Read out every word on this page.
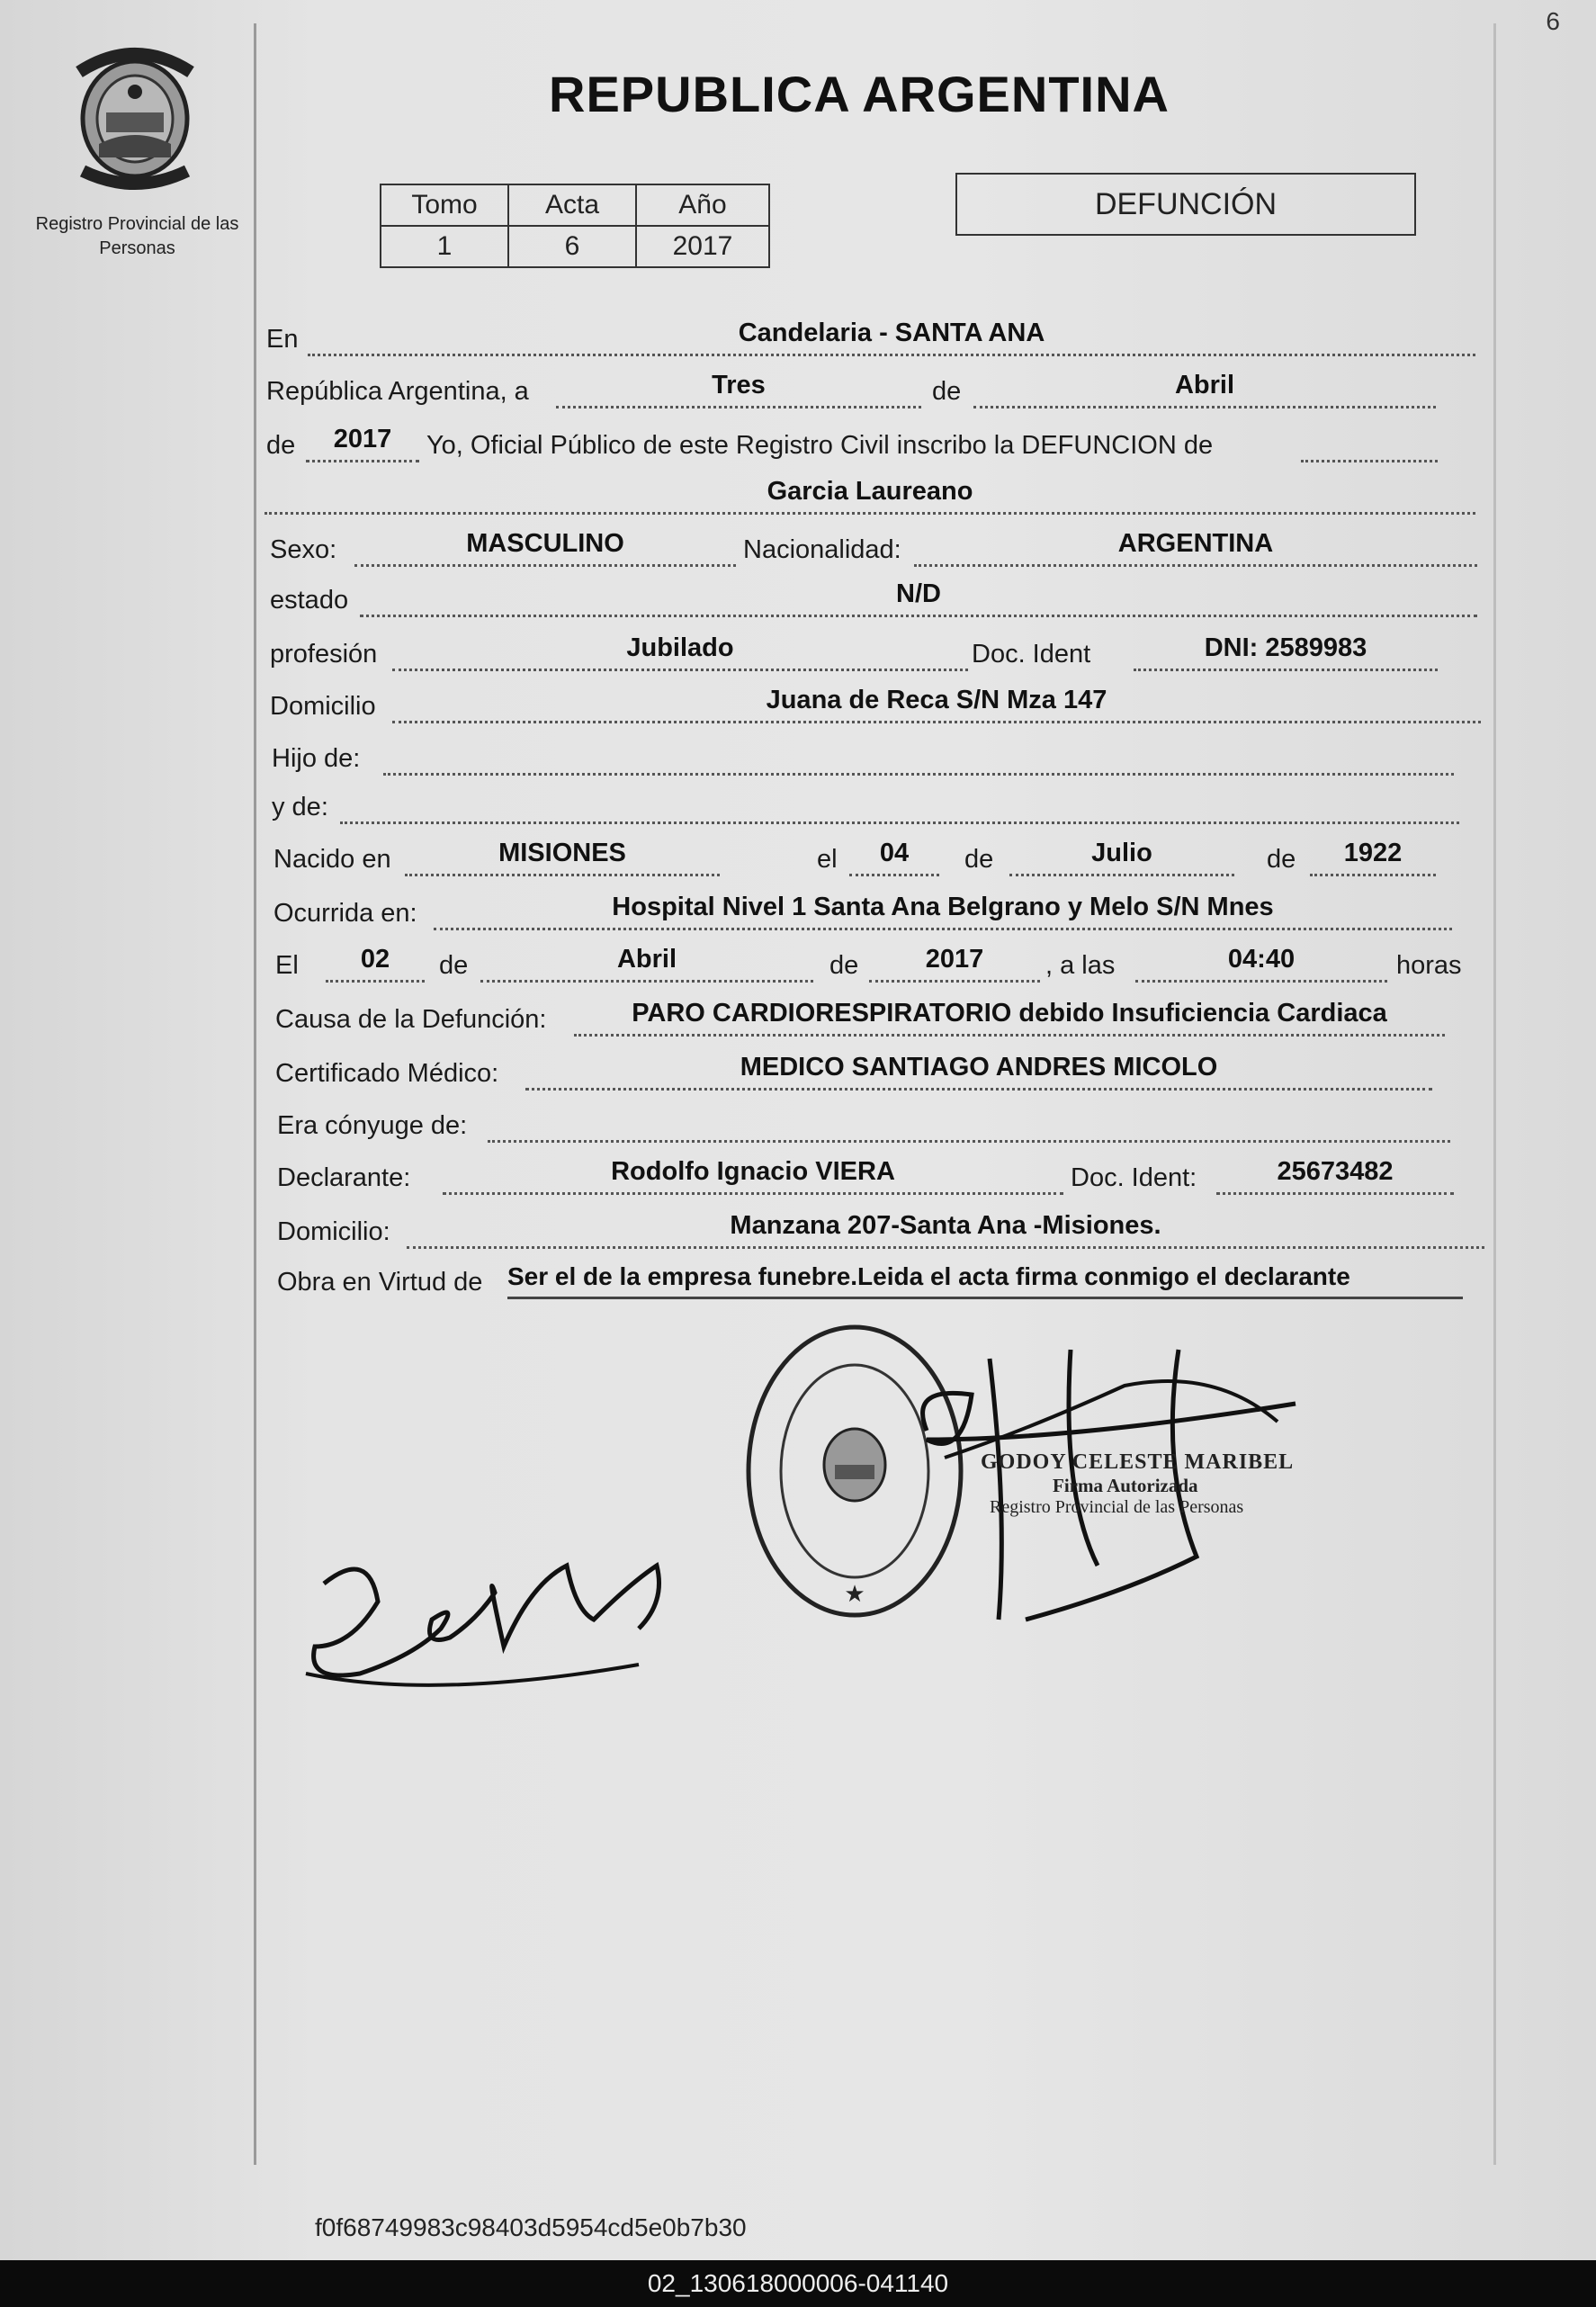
6
Registro Provincial de las Personas
REPUBLICA ARGENTINA
Tomo	Acta	Año
1	6	2017
DEFUNCIÓN
En	Candelaria - SANTA ANA
República Argentina, a	Tres	de	Abril
de	2017	Yo, Oficial Público de este Registro Civil inscribo la DEFUNCION de
Garcia Laureano
Sexo:	MASCULINO	Nacionalidad:	ARGENTINA
estado	N/D
profesión	Jubilado	Doc. Ident	DNI: 2589983
Domicilio	Juana de Reca S/N Mza 147
Hijo de:
y de:
Nacido en	MISIONES	el	04	de	Julio	de	1922
Ocurrida en:	Hospital Nivel 1 Santa Ana Belgrano y Melo S/N Mnes
El	02	de	Abril	de	2017	, a las	04:40	horas
Causa de la Defunción:	PARO CARDIORESPIRATORIO debido Insuficiencia Cardiaca
Certificado Médico:	MEDICO SANTIAGO ANDRES MICOLO
Era cónyuge de:
Declarante:	Rodolfo Ignacio VIERA	Doc. Ident:	25673482
Domicilio:	Manzana 207-Santa Ana -Misiones.
Obra en Virtud de Ser el de la empresa funebre.Leida el acta firma conmigo el declarante
★
GODOY CELESTE MARIBEL
Firma Autorizada
Registro Provincial de las Personas
f0f68749983c98403d5954cd5e0b7b30
02_130618000006-041140
